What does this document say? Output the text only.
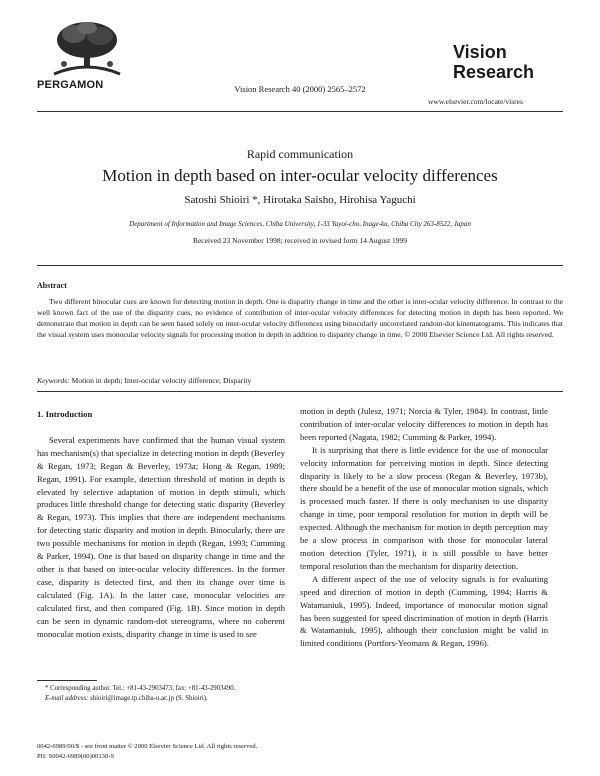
PERGAMON	Vision Research 40 (2000) 2565–2572
Vision
Research
www.elsevier.com/locate/visres
Rapid communication
Motion in depth based on inter-ocular velocity differences
Satoshi Shioiri *, Hirotaka Saisho, Hirohisa Yaguchi
Department of Information and Image Sciences, Chiba University, 1-33 Yayoi-cho, Inage-ku, Chiba City 263-8522, Japan
Received 23 November 1998; received in revised form 14 August 1999
Abstract
Two different binocular cues are known for detecting motion in depth. One is disparity change in time and the other is inter-ocular velocity difference. In contrast to the well known fact of the use of the disparity cues, no evidence of contribution of inter-ocular velocity differences for detecting motion in depth has been reported. We demonstrate that motion in depth can be seen based solely on inter-ocular velocity differences using binocularly uncorrelated random-dot kinematograms. This indicates that the visual system uses monocular velocity signals for processing motion in depth in addition to disparity change in time. © 2000 Elsevier Science Ltd. All rights reserved.
Keywords: Motion in depth; Inter-ocular velocity difference; Disparity
1. Introduction

Several experiments have confirmed that the human visual system has mechanism(s) that specialize in detecting motion in depth (Beverley & Regan, 1973; Regan & Beverley, 1973a; Hong & Regan, 1989; Regan, 1991). For example, detection threshold of motion in depth is elevated by selective adaptation of motion in depth stimuli, which produces little threshold change for detecting static disparity (Beverley & Regan, 1973). This implies that there are independent mechanisms for detecting static disparity and motion in depth. Binocularly, there are two possible mechanisms for motion in depth (Regan, 1993; Cumming & Parker, 1994). One is that based on disparity change in time and the other is that based on inter-ocular velocity differences. In the former case, disparity is detected first, and then its change over time is calculated (Fig. 1A). In the latter case, monocular velocities are calculated first, and then compared (Fig. 1B). Since motion in depth can be seen in dynamic random-dot stereograms, where no coherent monocular motion exists, disparity change in time is used to see

motion in depth (Julesz, 1971; Norcia & Tyler, 1984). In contrast, little contribution of inter-ocular velocity differences to motion in depth has been reported (Nagata, 1982; Cumming & Parker, 1994).

It is surprising that there is little evidence for the use of monocular velocity information for perceiving motion in depth. Since detecting disparity is likely to be a slow process (Regan & Beverley, 1973b), there should be a benefit of the use of monocular motion signals, which is processed much faster. If there is only mechanism to use disparity change in time, poor temporal resolution for motion in depth will be expected. Although the mechanism for motion in depth perception may be a slow process in comparison with those for monocular lateral motion detection (Tyler, 1971), it is still possible to have better temporal resolution than the mechanism for disparity detection.

A different aspect of the use of velocity signals is for evaluating speed and direction of motion in depth (Cumming, 1994; Harris & Watamaniuk, 1995). Indeed, importance of monocular motion signal has been suggested for speed discrimination of motion in depth (Harris & Watamaniuk, 1995), although their conclusion might be valid in limited conditions (Portfors-Yeomans & Regan, 1996).

* Corresponding author. Tel.: +81-43-2903473; fax: +81-43-2903490.
E-mail address: shioiri@image.tp.chiba-u.ac.jp (S. Shioiri).
0042-6989/00/$ - see front matter © 2000 Elsevier Science Ltd. All rights reserved.
PII: S0042-6989(00)00130-9
